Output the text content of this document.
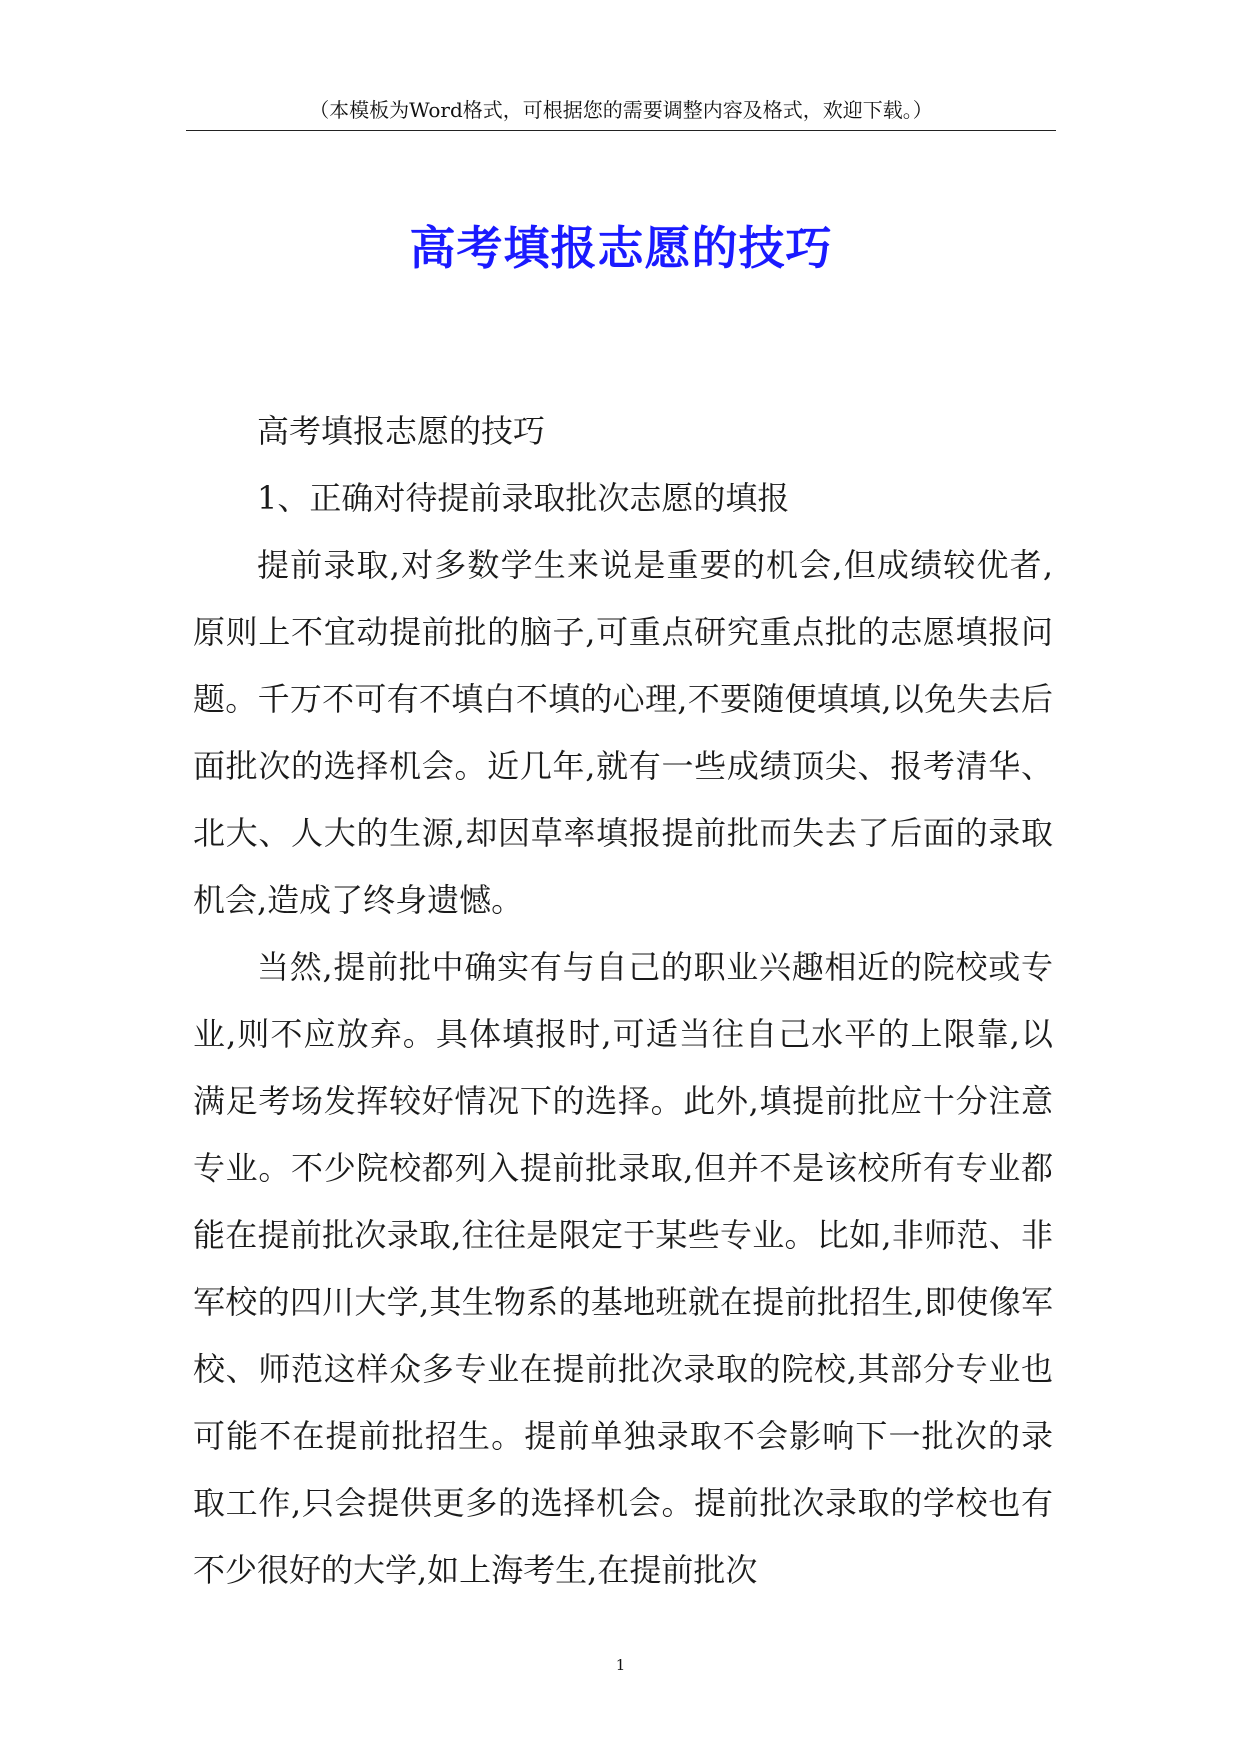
（本模板为Word格式，可根据您的需要调整内容及格式，欢迎下载。）
高考填报志愿的技巧

高考填报志愿的技巧

1、正确对待提前录取批次志愿的填报

提前录取,对多数学生来说是重要的机会,但成绩较优者,原则上不宜动提前批的脑子,可重点研究重点批的志愿填报问题。千万不可有不填白不填的心理,不要随便填填,以免失去后面批次的选择机会。近几年,就有一些成绩顶尖、报考清华、北大、人大的生源,却因草率填报提前批而失去了后面的录取机会,造成了终身遗憾。

当然,提前批中确实有与自己的职业兴趣相近的院校或专业,则不应放弃。具体填报时,可适当往自己水平的上限靠,以满足考场发挥较好情况下的选择。此外,填提前批应十分注意专业。不少院校都列入提前批录取,但并不是该校所有专业都能在提前批次录取,往往是限定于某些专业。比如,非师范、非军校的四川大学,其生物系的基地班就在提前批招生,即使像军校、师范这样众多专业在提前批次录取的院校,其部分专业也可能不在提前批招生。提前单独录取不会影响下一批次的录取工作,只会提供更多的选择机会。提前批次录取的学校也有不少很好的大学,如上海考生,在提前批次

1
